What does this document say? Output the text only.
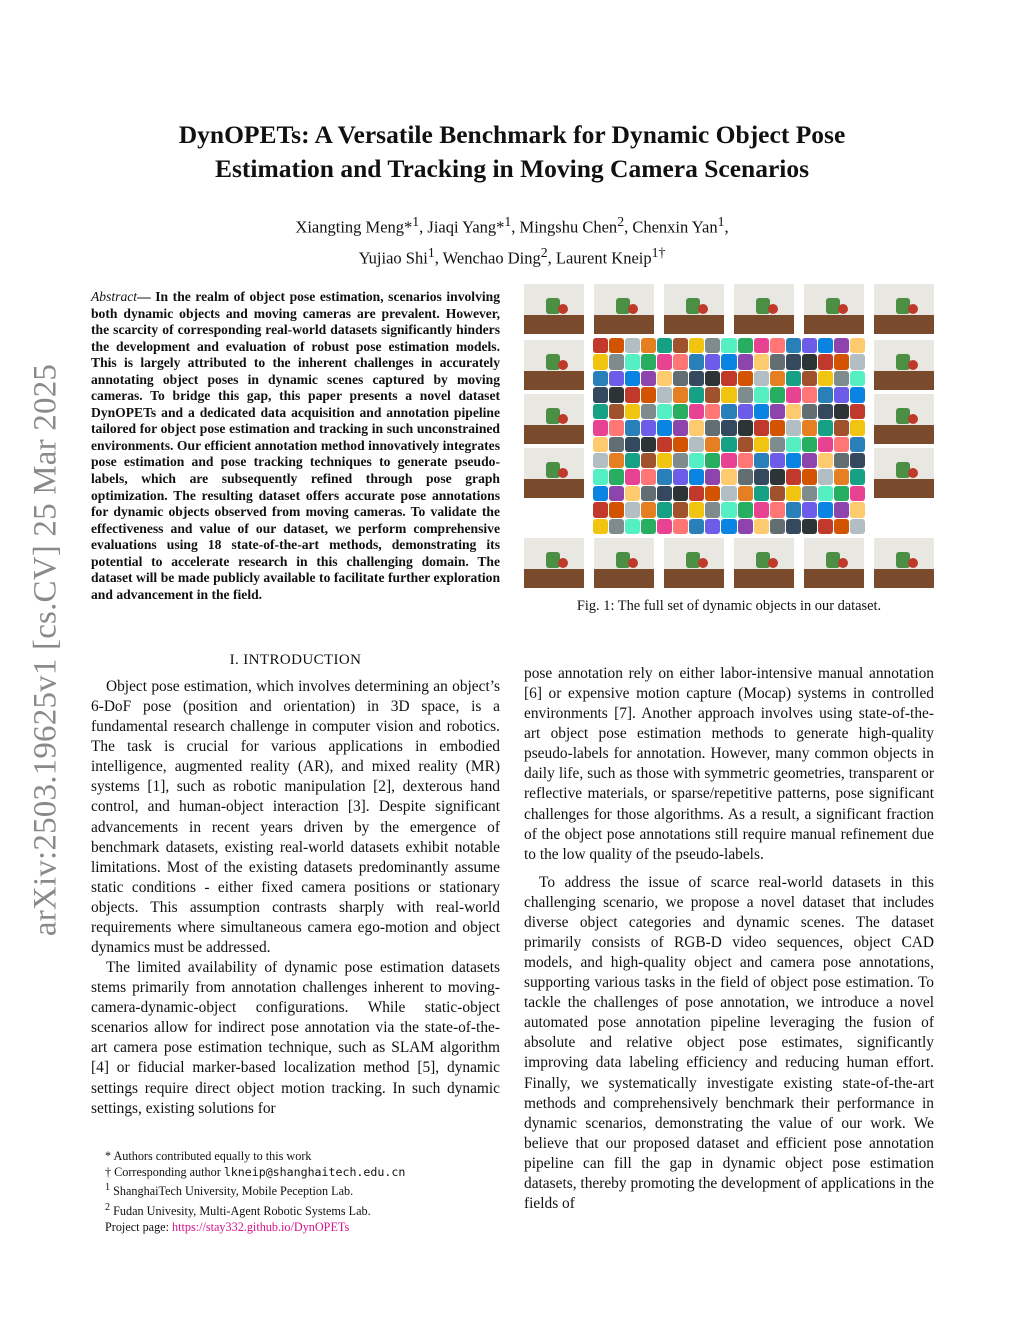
arXiv:2503.19625v1 [cs.CV] 25 Mar 2025
DynOPETs: A Versatile Benchmark for Dynamic Object Pose
Estimation and Tracking in Moving Camera Scenarios
Xiangting Meng*$^1$, Jiaqi Yang*$^1$, Mingshu Chen$^2$, Chenxin Yan$^1$,
Yujiao Shi$^1$, Wenchao Ding$^2$, Laurent Kneip$^{1\dagger}$
Abstract— In the realm of object pose estimation, scenarios involving both dynamic objects and moving cameras are prevalent. However, the scarcity of corresponding real-world datasets significantly hinders the development and evaluation of robust pose estimation models. This is largely attributed to the inherent challenges in accurately annotating object poses in dynamic scenes captured by moving cameras. To bridge this gap, this paper presents a novel dataset DynOPETs and a dedicated data acquisition and annotation pipeline tailored for object pose estimation and tracking in such unconstrained environments. Our efficient annotation method innovatively integrates pose estimation and pose tracking techniques to generate pseudo-labels, which are subsequently refined through pose graph optimization. The resulting dataset offers accurate pose annotations for dynamic objects observed from moving cameras. To validate the effectiveness and value of our dataset, we perform comprehensive evaluations using 18 state-of-the-art methods, demonstrating its potential to accelerate research in this challenging domain. The dataset will be made publicly available to facilitate further exploration and advancement in the field.
I. INTRODUCTION

Object pose estimation, which involves determining an object’s 6-DoF pose (position and orientation) in 3D space, is a fundamental research challenge in computer vision and robotics. The task is crucial for various applications in embodied intelligence, augmented reality (AR), and mixed reality (MR) systems [1], such as robotic manipulation [2], dexterous hand control, and human-object interaction [3]. Despite significant advancements in recent years driven by the emergence of benchmark datasets, existing real-world datasets exhibit notable limitations. Most of the existing datasets predominantly assume static conditions - either fixed camera positions or stationary objects. This assumption contrasts sharply with real-world requirements where simultaneous camera ego-motion and object dynamics must be addressed.

The limited availability of dynamic pose estimation datasets stems primarily from annotation challenges inherent to moving-camera-dynamic-object configurations. While static-object scenarios allow for indirect pose annotation via the state-of-the-art camera pose estimation technique, such as SLAM algorithm [4] or fiducial marker-based localization method [5], dynamic settings require direct object motion tracking. In such dynamic settings, existing solutions for

Fig. 1: The full set of dynamic objects in our dataset.

pose annotation rely on either labor-intensive manual annotation [6] or expensive motion capture (Mocap) systems in controlled environments [7]. Another approach involves using state-of-the-art object pose estimation methods to generate high-quality pseudo-labels for annotation. However, many common objects in daily life, such as those with symmetric geometries, transparent or reflective materials, or sparse/repetitive patterns, pose significant challenges for those algorithms. As a result, a significant fraction of the object pose annotations still require manual refinement due to the low quality of the pseudo-labels.

To address the issue of scarce real-world datasets in this challenging scenario, we propose a novel dataset that includes diverse object categories and dynamic scenes. The dataset primarily consists of RGB-D video sequences, object CAD models, and high-quality object and camera pose annotations, supporting various tasks in the field of object pose estimation. To tackle the challenges of pose annotation, we introduce a novel automated pose annotation pipeline leveraging the fusion of absolute and relative object pose estimates, significantly improving data labeling efficiency and reducing human effort. Finally, we systematically investigate existing state-of-the-art methods and comprehensively benchmark their performance in dynamic scenarios, demonstrating the value of our work. We believe that our proposed dataset and efficient pose annotation pipeline can fill the gap in dynamic object pose estimation datasets, thereby promoting the development of applications in the fields of

* Authors contributed equally to this work
† Corresponding author lkneip@shanghaitech.edu.cn
$^1$ ShanghaiTech University, Mobile Peception Lab.
$^2$ Fudan Univesity, Multi-Agent Robotic Systems Lab.
Project page: https://stay332.github.io/DynOPETs
